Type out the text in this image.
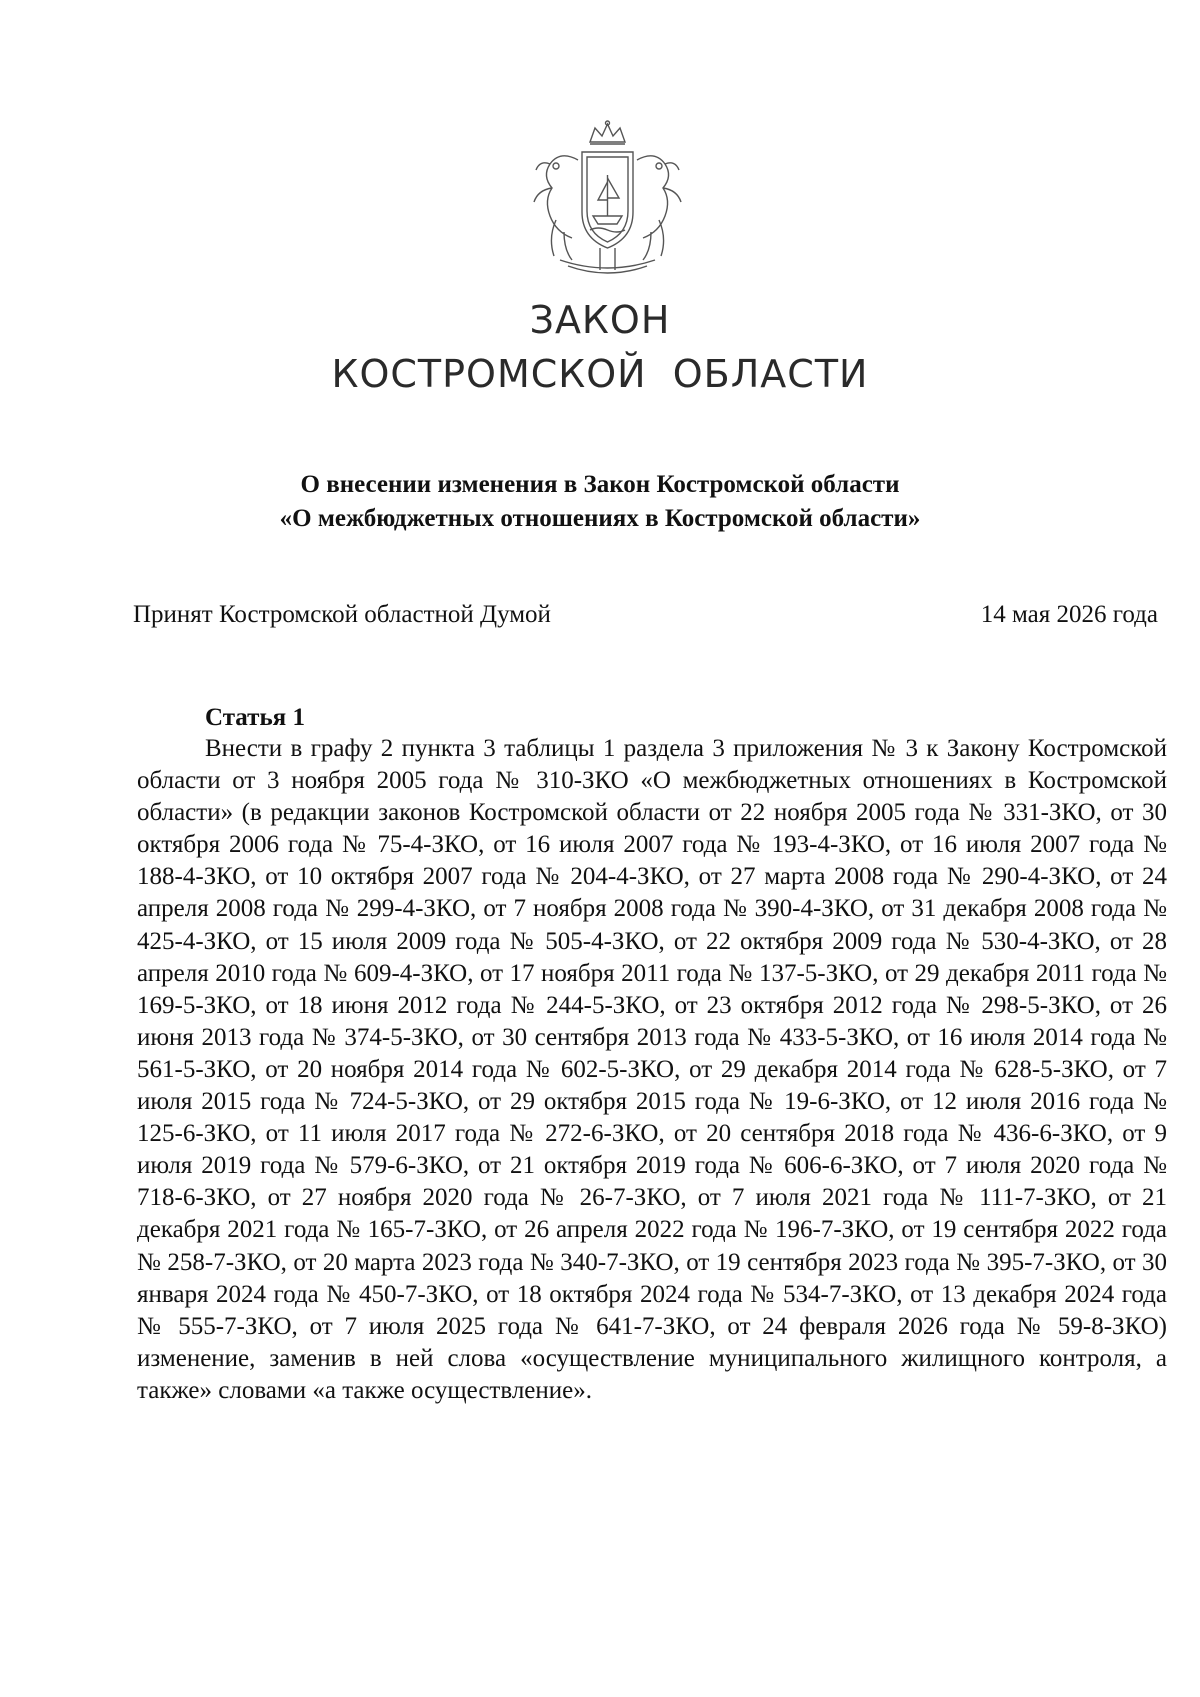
ЗАКОН
КОСТРОМСКОЙ  ОБЛАСТИ
О внесении изменения в Закон Костромской области
«О межбюджетных отношениях в Костромской области»
Принят Костромской областной Думой	14 мая 2026 года
Статья 1

Внести в графу 2 пункта 3 таблицы 1 раздела 3 приложения № 3 к Закону Костромской области от 3 ноября 2005 года № 310-ЗКО «О межбюджетных отношениях в Костромской области» (в редакции законов Костромской области от 22 ноября 2005 года № 331-ЗКО, от 30 октября 2006 года № 75-4-ЗКО, от 16 июля 2007 года № 193-4-ЗКО, от 16 июля 2007 года № 188-4-ЗКО, от 10 октября 2007 года № 204-4-ЗКО, от 27 марта 2008 года № 290-4-ЗКО, от 24 апреля 2008 года № 299-4-ЗКО, от 7 ноября 2008 года № 390-4-ЗКО, от 31 декабря 2008 года № 425-4-ЗКО, от 15 июля 2009 года № 505-4-ЗКО, от 22 октября 2009 года № 530-4-ЗКО, от 28 апреля 2010 года № 609-4-ЗКО, от 17 ноября 2011 года № 137-5-ЗКО, от 29 декабря 2011 года № 169-5-ЗКО, от 18 июня 2012 года № 244-5-ЗКО, от 23 октября 2012 года № 298-5-ЗКО, от 26 июня 2013 года № 374-5-ЗКО, от 30 сентября 2013 года № 433-5-ЗКО, от 16 июля 2014 года № 561-5-ЗКО, от 20 ноября 2014 года № 602-5-ЗКО, от 29 декабря 2014 года № 628-5-ЗКО, от 7 июля 2015 года № 724-5-ЗКО, от 29 октября 2015 года № 19-6-ЗКО, от 12 июля 2016 года № 125-6-ЗКО, от 11 июля 2017 года № 272-6-ЗКО, от 20 сентября 2018 года № 436-6-ЗКО, от 9 июля 2019 года № 579-6-ЗКО, от 21 октября 2019 года № 606-6-ЗКО, от 7 июля 2020 года № 718-6-ЗКО, от 27 ноября 2020 года № 26-7-ЗКО, от 7 июля 2021 года № 111-7-ЗКО, от 21 декабря 2021 года № 165-7-ЗКО, от 26 апреля 2022 года № 196-7-ЗКО, от 19 сентября 2022 года № 258-7-ЗКО, от 20 марта 2023 года № 340-7-ЗКО, от 19 сентября 2023 года № 395-7-ЗКО, от 30 января 2024 года № 450-7-ЗКО, от 18 октября 2024 года № 534-7-ЗКО, от 13 декабря 2024 года № 555-7-ЗКО, от 7 июля 2025 года № 641-7-ЗКО, от 24 февраля 2026 года № 59-8-ЗКО) изменение, заменив в ней слова «осуществление муниципального жилищного контроля, а также» словами «а также осуществление».
